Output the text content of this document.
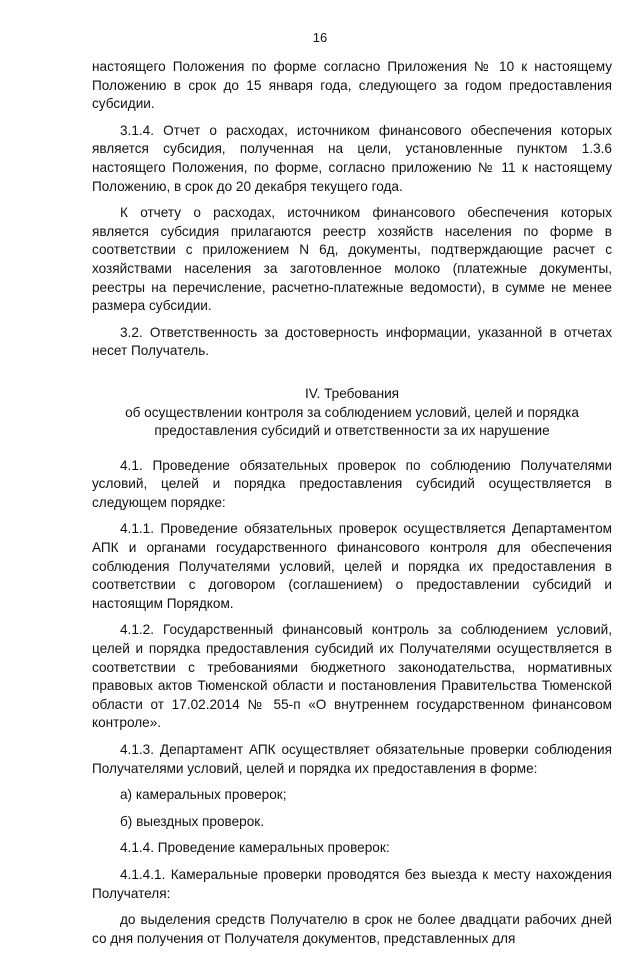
16

настоящего Положения по форме согласно Приложения № 10 к настоящему Положению в срок до 15 января года, следующего за годом предоставления субсидии.

3.1.4. Отчет о расходах, источником финансового обеспечения которых является субсидия, полученная на цели, установленные пунктом 1.3.6 настоящего Положения, по форме, согласно приложению № 11 к настоящему Положению, в срок до 20 декабря текущего года.

К отчету о расходах, источником финансового обеспечения которых является субсидия прилагаются реестр хозяйств населения по форме в соответствии с приложением N 6д, документы, подтверждающие расчет с хозяйствами населения за заготовленное молоко (платежные документы, реестры на перечисление, расчетно-платежные ведомости), в сумме не менее размера субсидии.

3.2. Ответственность за достоверность информации, указанной в отчетах несет Получатель.

IV. Требования
об осуществлении контроля за соблюдением условий, целей и порядка
предоставления субсидий и ответственности за их нарушение

4.1. Проведение обязательных проверок по соблюдению Получателями условий, целей и порядка предоставления субсидий осуществляется в следующем порядке:

4.1.1. Проведение обязательных проверок осуществляется Департаментом АПК и органами государственного финансового контроля для обеспечения соблюдения Получателями условий, целей и порядка их предоставления в соответствии с договором (соглашением) о предоставлении субсидий и настоящим Порядком.

4.1.2. Государственный финансовый контроль за соблюдением условий, целей и порядка предоставления субсидий их Получателями осуществляется в соответствии с требованиями бюджетного законодательства, нормативных правовых актов Тюменской области и постановления Правительства Тюменской области от 17.02.2014 № 55-п «О внутреннем государственном финансовом контроле».

4.1.3. Департамент АПК осуществляет обязательные проверки соблюдения Получателями условий, целей и порядка их предоставления в форме:

а) камеральных проверок;

б) выездных проверок.

4.1.4. Проведение камеральных проверок:

4.1.4.1. Камеральные проверки проводятся без выезда к месту нахождения Получателя:

до выделения средств Получателю в срок не более двадцати рабочих дней со дня получения от Получателя документов, представленных для
